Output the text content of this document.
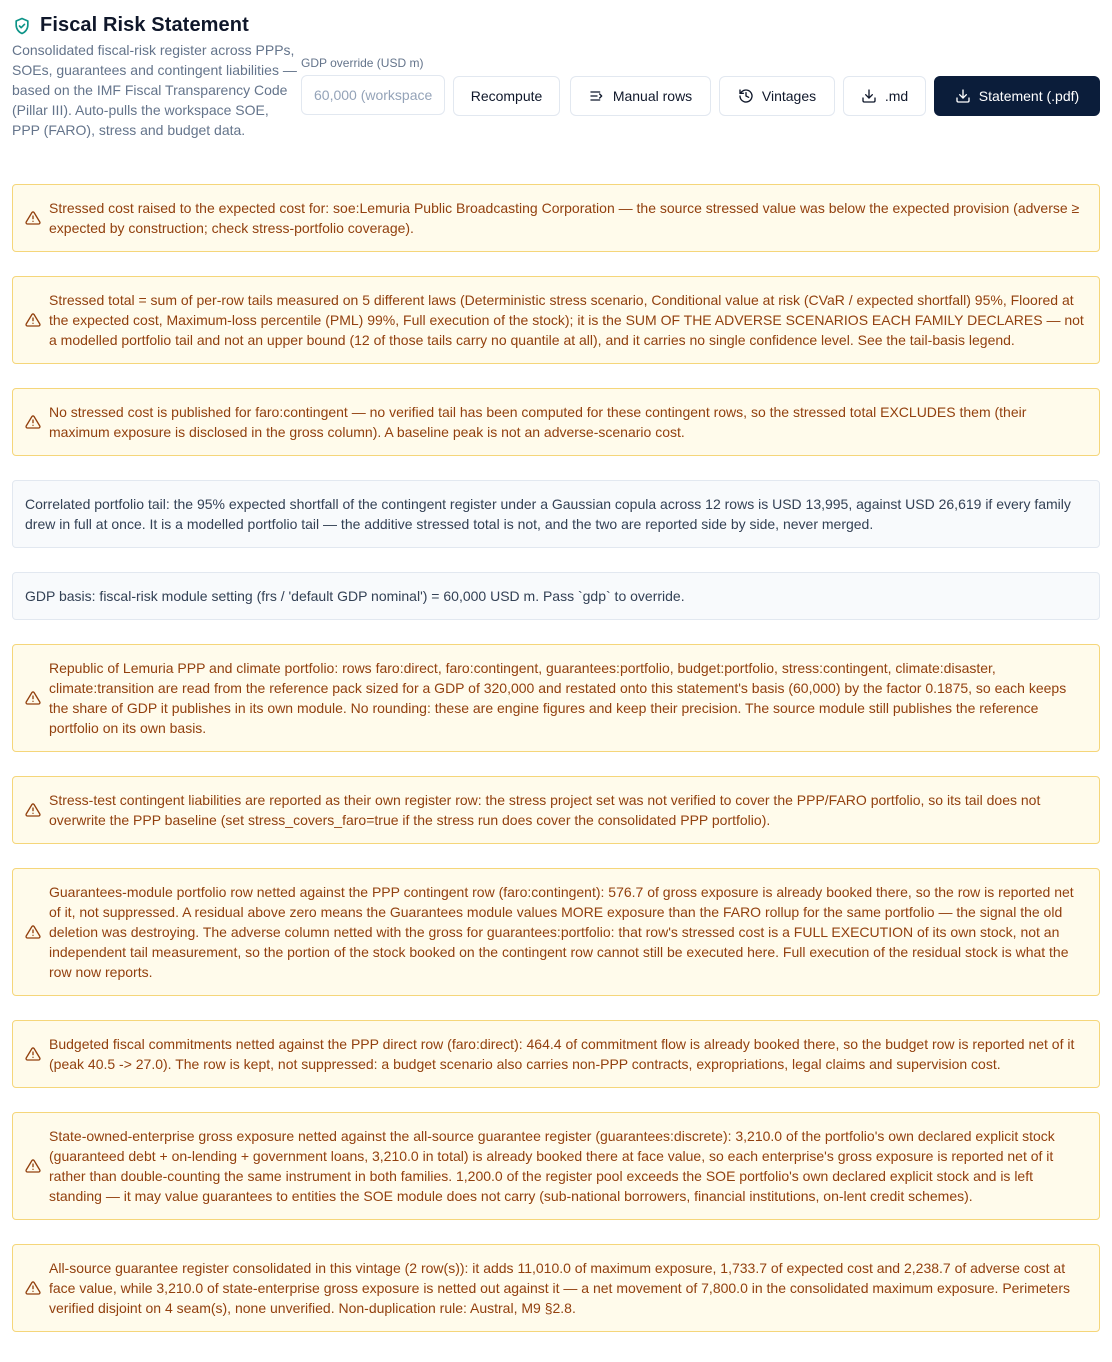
Fiscal Risk Statement

Consolidated fiscal-risk register across PPPs, SOEs, guarantees and contingent liabilities — based on the IMF Fiscal Transparency Code (Pillar III). Auto-pulls the workspace SOE, PPP (FARO), stress and budget data.

GDP override (USD m)
60,000 (workspace)
Recompute	Manual rows	Vintages	.md	Statement (.pdf)

Stressed cost raised to the expected cost for: soe:Lemuria Public Broadcasting Corporation — the source stressed value was below the expected provision (adverse ≥ expected by construction; check stress-portfolio coverage).

Stressed total = sum of per-row tails measured on 5 different laws (Deterministic stress scenario, Conditional value at risk (CVaR / expected shortfall) 95%, Floored at the expected cost, Maximum-loss percentile (PML) 99%, Full execution of the stock); it is the SUM OF THE ADVERSE SCENARIOS EACH FAMILY DECLARES — not a modelled portfolio tail and not an upper bound (12 of those tails carry no quantile at all), and it carries no single confidence level. See the tail-basis legend.

No stressed cost is published for faro:contingent — no verified tail has been computed for these contingent rows, so the stressed total EXCLUDES them (their maximum exposure is disclosed in the gross column). A baseline peak is not an adverse-scenario cost.

Correlated portfolio tail: the 95% expected shortfall of the contingent register under a Gaussian copula across 12 rows is USD 13,995, against USD 26,619 if every family drew in full at once. It is a modelled portfolio tail — the additive stressed total is not, and the two are reported side by side, never merged.

GDP basis: fiscal-risk module setting (frs / 'default GDP nominal') = 60,000 USD m. Pass `gdp` to override.

Republic of Lemuria PPP and climate portfolio: rows faro:direct, faro:contingent, guarantees:portfolio, budget:portfolio, stress:contingent, climate:disaster, climate:transition are read from the reference pack sized for a GDP of 320,000 and restated onto this statement's basis (60,000) by the factor 0.1875, so each keeps the share of GDP it publishes in its own module. No rounding: these are engine figures and keep their precision. The source module still publishes the reference portfolio on its own basis.

Stress-test contingent liabilities are reported as their own register row: the stress project set was not verified to cover the PPP/FARO portfolio, so its tail does not overwrite the PPP baseline (set stress_covers_faro=true if the stress run does cover the consolidated PPP portfolio).

Guarantees-module portfolio row netted against the PPP contingent row (faro:contingent): 576.7 of gross exposure is already booked there, so the row is reported net of it, not suppressed. A residual above zero means the Guarantees module values MORE exposure than the FARO rollup for the same portfolio — the signal the old deletion was destroying. The adverse column netted with the gross for guarantees:portfolio: that row's stressed cost is a FULL EXECUTION of its own stock, not an independent tail measurement, so the portion of the stock booked on the contingent row cannot still be executed here. Full execution of the residual stock is what the row now reports.

Budgeted fiscal commitments netted against the PPP direct row (faro:direct): 464.4 of commitment flow is already booked there, so the budget row is reported net of it (peak 40.5 -> 27.0). The row is kept, not suppressed: a budget scenario also carries non-PPP contracts, expropriations, legal claims and supervision cost.

State-owned-enterprise gross exposure netted against the all-source guarantee register (guarantees:discrete): 3,210.0 of the portfolio's own declared explicit stock (guaranteed debt + on-lending + government loans, 3,210.0 in total) is already booked there at face value, so each enterprise's gross exposure is reported net of it rather than double-counting the same instrument in both families. 1,200.0 of the register pool exceeds the SOE portfolio's own declared explicit stock and is left standing — it may value guarantees to entities the SOE module does not carry (sub-national borrowers, financial institutions, on-lent credit schemes).

All-source guarantee register consolidated in this vintage (2 row(s)): it adds 11,010.0 of maximum exposure, 1,733.7 of expected cost and 2,238.7 of adverse cost at face value, while 3,210.0 of state-enterprise gross exposure is netted out against it — a net movement of 7,800.0 in the consolidated maximum exposure. Perimeters verified disjoint on 4 seam(s), none unverified. Non-duplication rule: Austral, M9 §2.8.
